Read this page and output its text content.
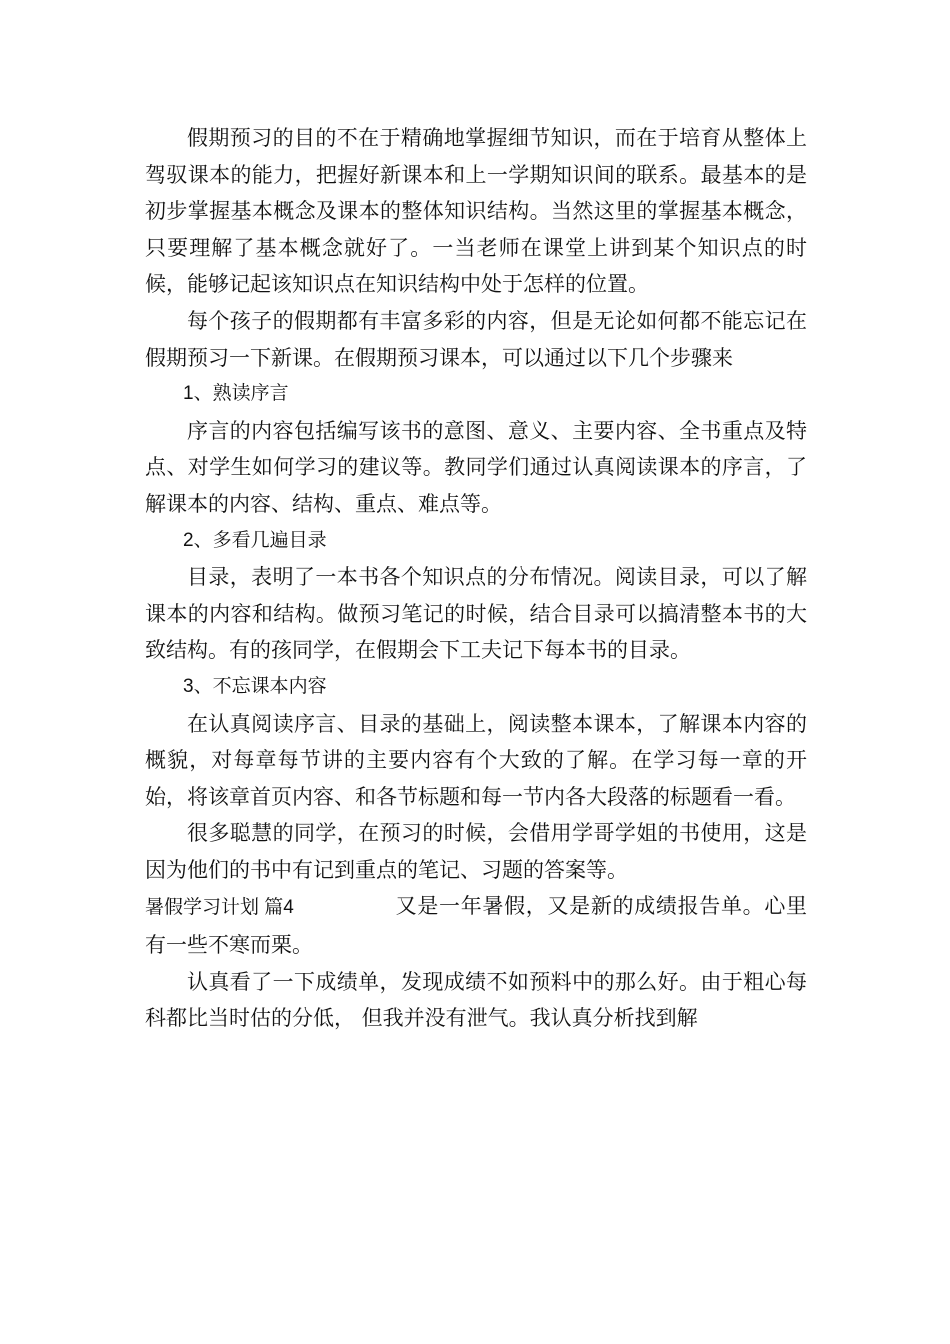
假期预习的目的不在于精确地掌握细节知识，而在于培育从整体上驾驭课本的能力，把握好新课本和上一学期知识间的联系。最基本的是初步掌握基本概念及课本的整体知识结构。当然这里的掌握基本概念，只要理解了基本概念就好了。一当老师在课堂上讲到某个知识点的时候，能够记起该知识点在知识结构中处于怎样的位置。

每个孩子的假期都有丰富多彩的内容，但是无论如何都不能忘记在假期预习一下新课。在假期预习课本，可以通过以下几个步骤来

1、熟读序言

序言的内容包括编写该书的意图、意义、主要内容、全书重点及特点、对学生如何学习的建议等。教同学们通过认真阅读课本的序言，了解课本的内容、结构、重点、难点等。

2、多看几遍目录

目录，表明了一本书各个知识点的分布情况。阅读目录，可以了解课本的内容和结构。做预习笔记的时候，结合目录可以搞清整本书的大致结构。有的孩同学，在假期会下工夫记下每本书的目录。

3、不忘课本内容

在认真阅读序言、目录的基础上，阅读整本课本，了解课本内容的概貌，对每章每节讲的主要内容有个大致的了解。在学习每一章的开始，将该章首页内容、和各节标题和每一节内各大段落的标题看一看。

很多聪慧的同学，在预习的时候，会借用学哥学姐的书使用，这是因为他们的书中有记到重点的笔记、习题的答案等。

暑假学习计划 篇4	又是一年暑假，又是新的成绩报告单。心里有一些不寒而栗。

认真看了一下成绩单，发现成绩不如预料中的那么好。由于粗心每科都比当时估的分低， 但我并没有泄气。我认真分析找到解
